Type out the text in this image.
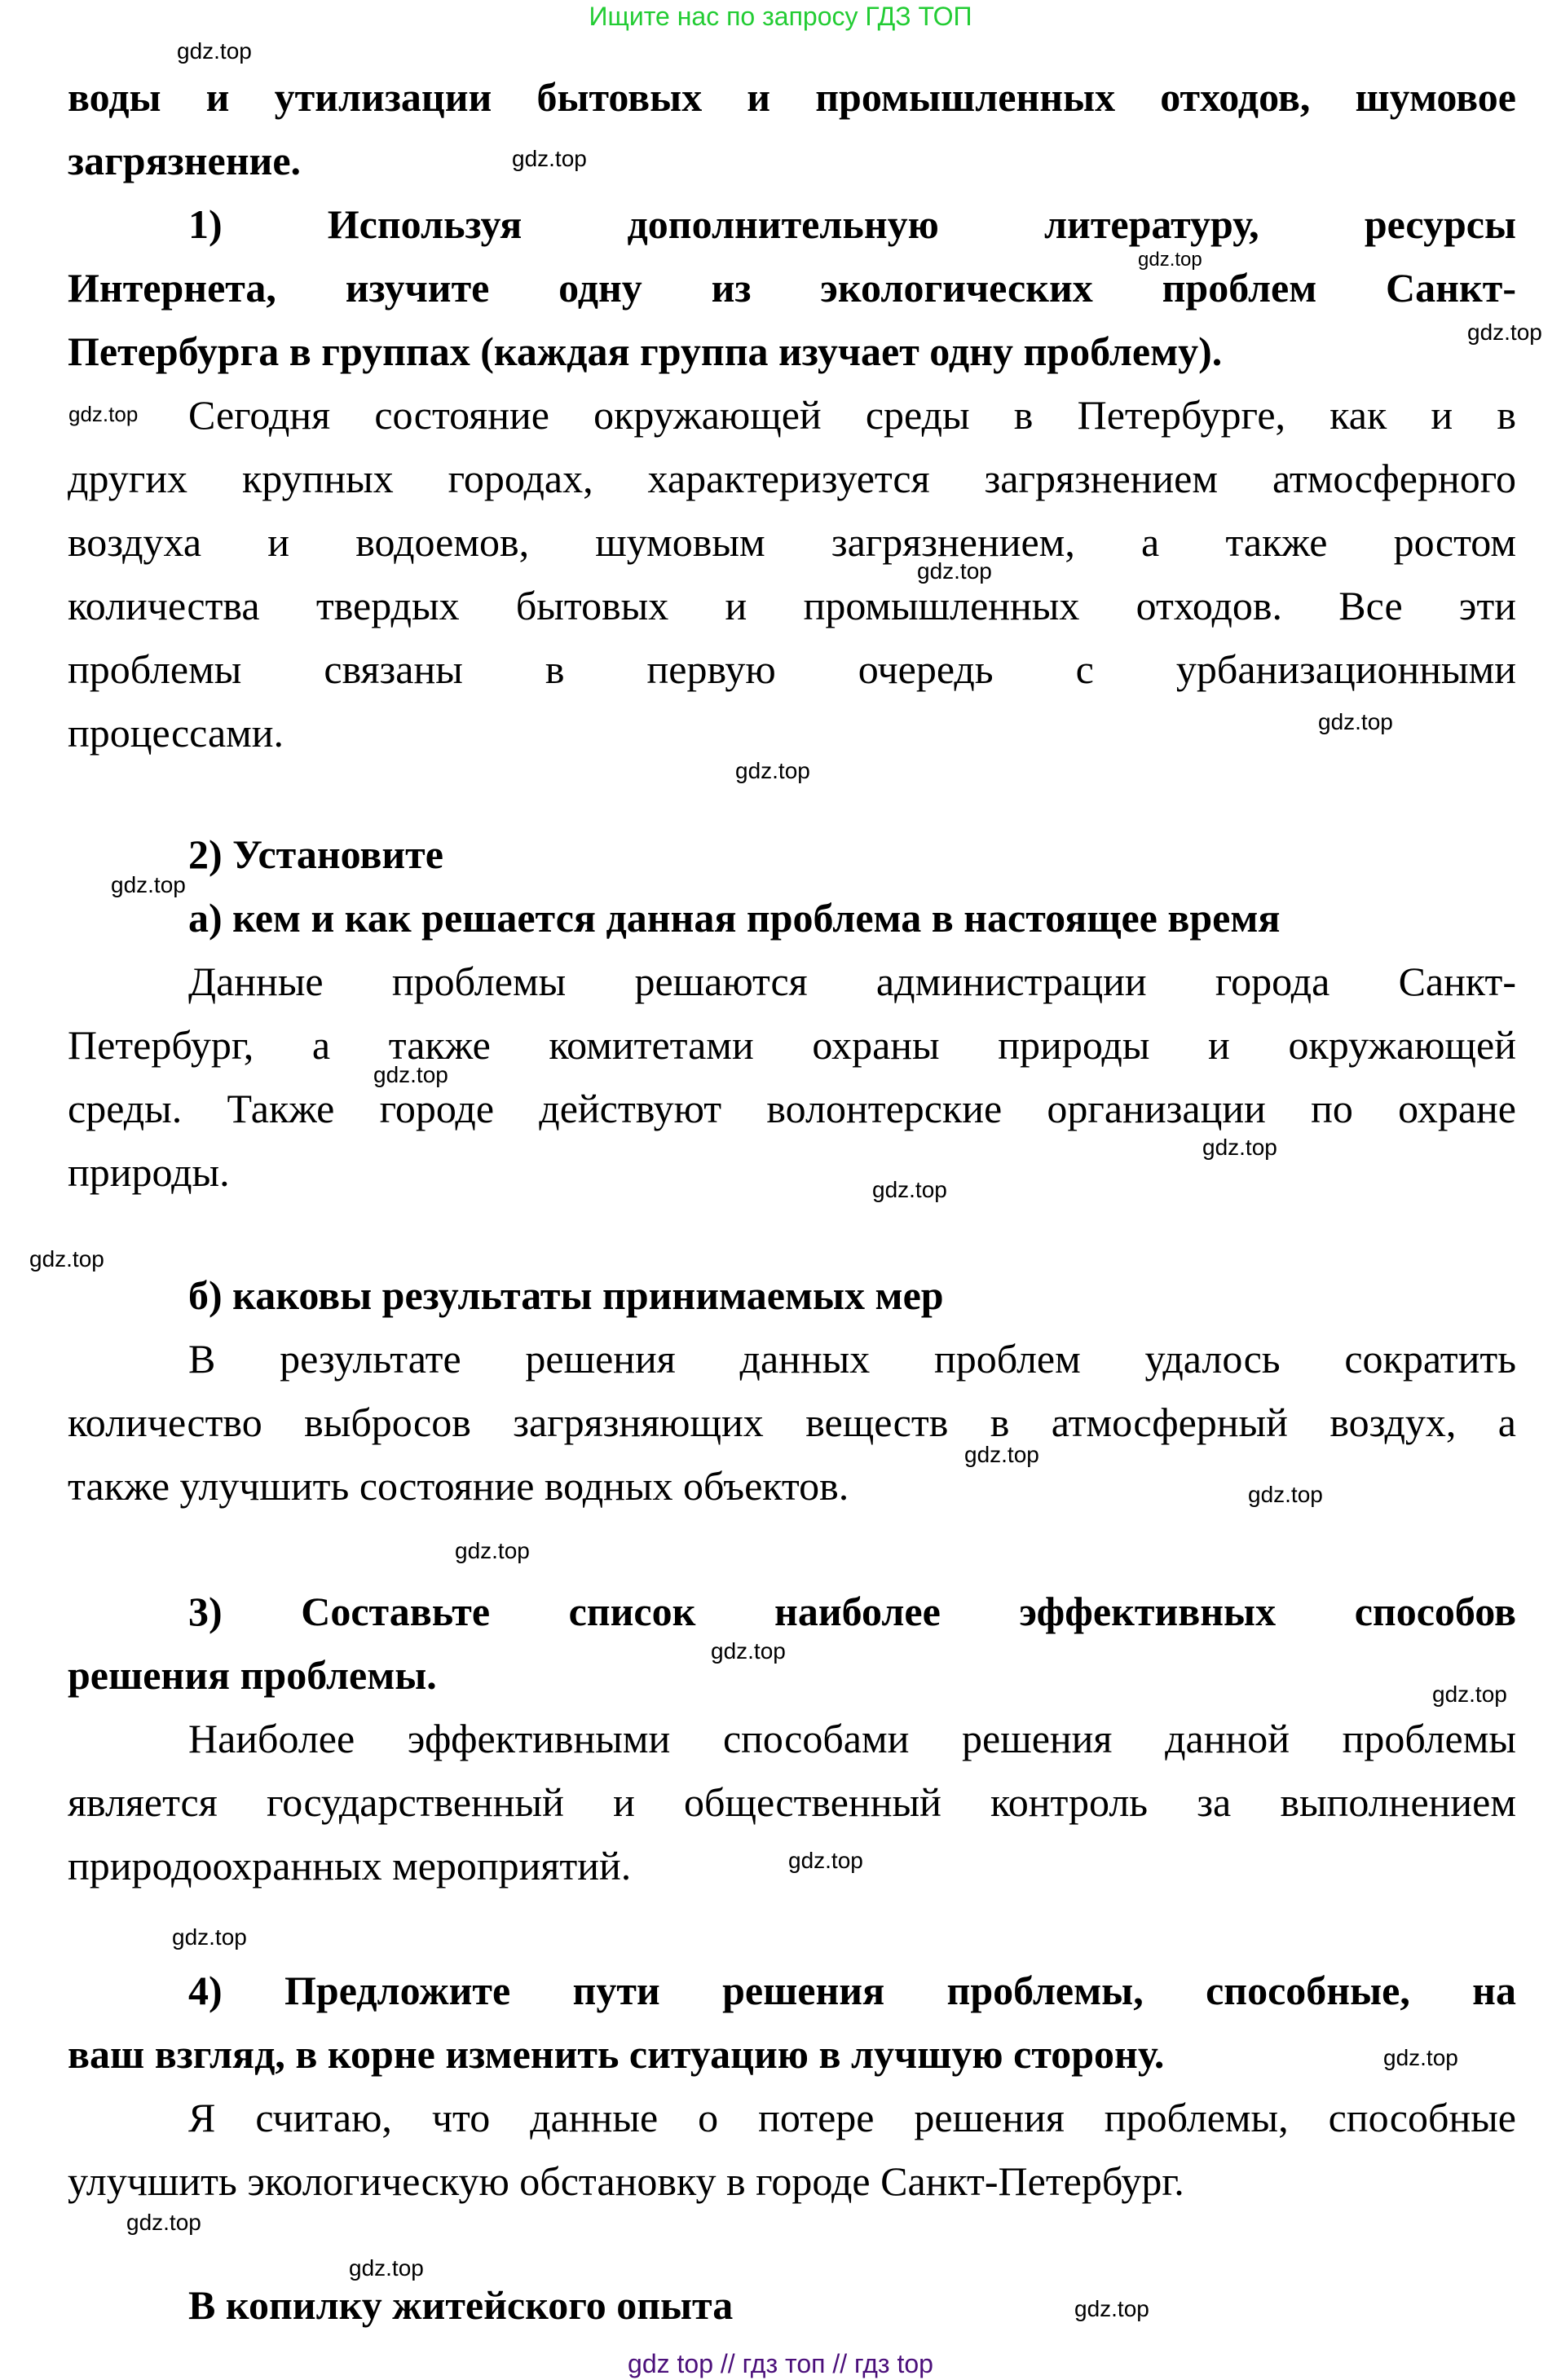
Ищите нас по запросу ГДЗ ТОП
воды и утилизации бытовых и промышленных отходов, шумовое
загрязнение.
1) Используя дополнительную литературу, ресурсы
Интернета, изучите одну из экологических проблем Санкт-
Петербурга в группах (каждая группа изучает одну проблему).
Сегодня состояние окружающей среды в Петербурге, как и в
других крупных городах, характеризуется загрязнением атмосферного
воздуха и водоемов, шумовым загрязнением, а также ростом
количества твердых бытовых и промышленных отходов. Все эти
проблемы связаны в первую очередь с урбанизационными
процессами.
2) Установите
а) кем и как решается данная проблема в настоящее время
Данные проблемы решаются администрации города Санкт-
Петербург, а также комитетами охраны природы и окружающей
среды. Также городе действуют волонтерские организации по охране
природы.
б) каковы результаты принимаемых мер
В результате решения данных проблем удалось сократить
количество выбросов загрязняющих веществ в атмосферный воздух, а
также улучшить состояние водных объектов.
3) Составьте список наиболее эффективных способов
решения проблемы.
Наиболее эффективными способами решения данной проблемы
является государственный и общественный контроль за выполнением
природоохранных мероприятий.
4) Предложите пути решения проблемы, способные, на
ваш взгляд, в корне изменить ситуацию в лучшую сторону.
Я считаю, что данные о потере решения проблемы, способные
улучшить экологическую обстановку в городе Санкт-Петербург.
В копилку житейского опыта
gdz.top
gdz.top
gdz.top
gdz.top
gdz.top
gdz.top
gdz.top
gdz.top
gdz.top
gdz.top
gdz.top
gdz.top
gdz.top
gdz.top
gdz.top
gdz.top
gdz.top
gdz.top
gdz.top
gdz.top
gdz.top
gdz.top
gdz.top
gdz.top
gdz top // гдз топ // гдз top
